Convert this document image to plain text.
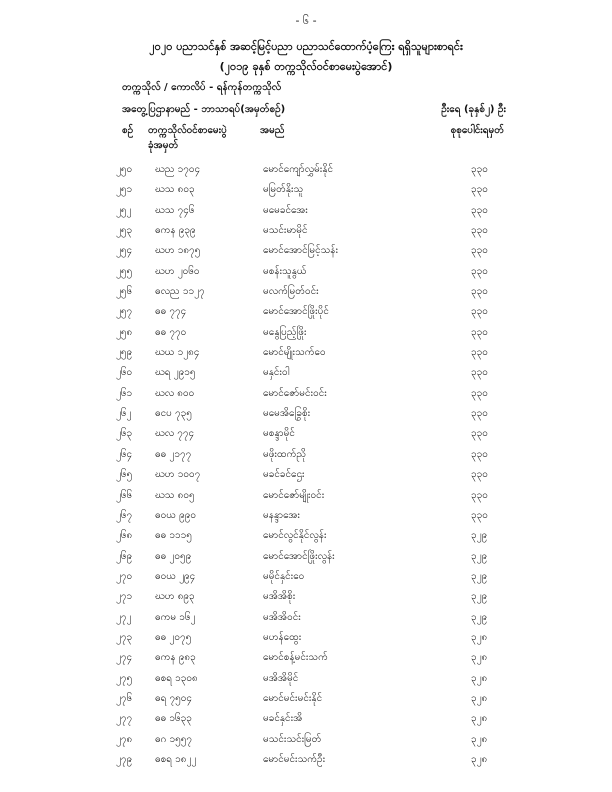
- ၆ -
၂၀၂၀ ပညာသင်နှစ် အဆင့်မြင့်ပညာ ပညာသင်ထောက်ပံ့ကြေး ရရှိသူများစာရင်း
(၂၀၁၉ ခုနှစ် တက္ကသိုလ်ဝင်စာမေးပွဲအောင်)
တက္ကသိုလ် / ကောလိပ် - ရန်ကုန်တက္ကသိုလ်
အတွေ့ပြဌာနာမည် - ဘာသာရပ်(အမှတ်စဉ်)	ဦးရေ (ခုနှစ်၂) ဦး
စဉ် တက္ကသိုလ်ဝင်စာမေးပွဲ	အမည်	စုစုပေါင်းရမှတ်
ခုံအမှတ်
၂၅၀ ဃည ၁၇၀၄	မောင်ကျော်လွှမ်းနိုင်	၃၃၀
၂၅၁ ဃသ ၈၀၃	မမြတ်နိုးသူ	၃၃၀
၂၅၂ ဃသ ၇၄၆	မမေခင်အေး	၃၃၀
၂၅၃ ဓကန ၉၃၉	မသင်းမာမိုင်	၃၃၀
၂၅၄ ဃဟ ၁၈၇၅	မောင်အောင်မြင့်သန်း	၃၃၀
၂၅၅ ဃဟ ၂၀၆၀	မစန်းသူနွယ်	၃၃၀
၂၅၆ ဓလည ၁၁၂၇	မလက်မြတ်ဝင်း	၃၃၀
၂၅၇ ဓဓ ၇၇၄	မောင်အောင်ဖြိုးပိုင်	၃၃၀
၂၅၈ ဓဓ ၇၇၀	မနွေပြည့်ဖြိုး	၃၃၀
၂၅၉ ဃယ ၁၂၈၄	မောင်မျိုးသက်ဝေ	၃၃၀
၂၆၀ ဃရ ၂၉၁၅	မနှင်းဝါ	၃၃၀
၂၆၁ ဃလ ၈၀၀	မောင်ဇော်မင်းဝင်း	၃၃၀
၂၆၂ ဓငပ ၇၃၅	မမေအိခြွေစိုး	၃၃၀
၂၆၃ ဃလ ၇၇၄	မစန္ဒာမိုင်	၃၃၀
၂၆၄ ဓဓ ၂၁၇၇	မဖိုးထက်ညို	၃၃၀
၂၆၅ ဃဟ ၁၀၀၇	မခင်ခင်ဌေး	၃၃၀
၂၆၆ ဃသ ၈၀၅	မောင်ဇော်မျိုးဝင်း	၃၃၀
၂၆၇ ဓဝယ ၉၉၀	မနန္ဒာအေး	၃၃၀
၂၆၈ ဓဓ ၁၁၁၅	မောင်လွင်နိုင်လွန်း	၃၂၉
၂၆၉ ဓဓ ၂၀၅၉	မောင်အောင်ဖြိုးလွန်း	၃၂၉
၂၇၀ ဓဝယ ၂၉၄	မမိုင်နှင်းဝေ	၃၂၉
၂၇၁ ဃဟ ၈၉၃	မအိအိစိုး	၃၂၉
၂၇၂ ဓကမ ၁၆၂	မအိအိဝင်း	၃၂၉
၂၇၃ ဓဓ ၂၀၇၅	မဟန်ထွေး	၃၂၈
၂၇၄ ဓကန ၉၈၃	မောင်စန့်မင်းသက်	၃၂၈
၂၇၅ ဓစရ ၁၃၀၈	မအိအိမိုင်	၃၂၈
၂၇၆ ဓရ ၇၅၀၄	မောင်မင်းမင်းနိုင်	၃၂၈
၂၇၇ ဓဓ ၁၆၃၃	မခင်နှင်းအိ	၃၂၈
၂၇၈ ဓဂ ၁၅၅၇	မသင်းသင်းမြတ်	၃၂၈
၂၇၉ ဓစရ ၁၈၂၂	မောင်မင်းသက်ဦး	၃၂၈
